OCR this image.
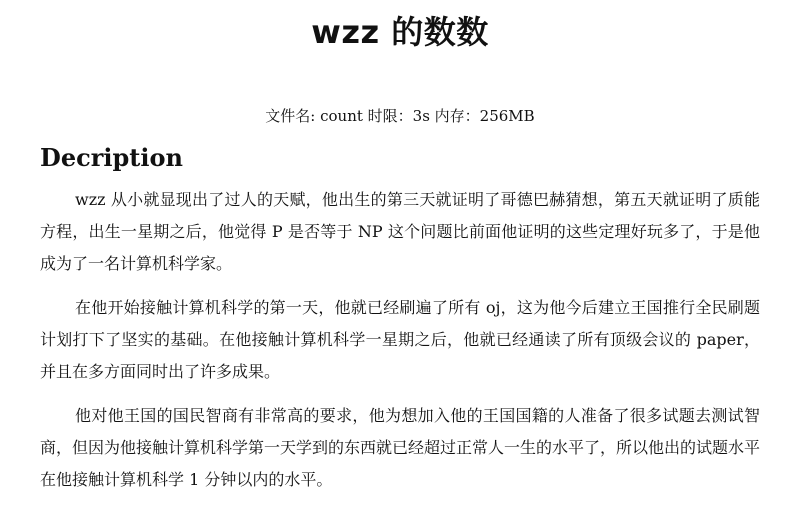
wzz 的数数
文件名: count 时限：3s 内存：256MB
Decription

wzz 从小就显现出了过人的天赋，他出生的第三天就证明了哥德巴赫猜想，第五天就证明了质能方程，出生一星期之后，他觉得 P 是否等于 NP 这个问题比前面他证明的这些定理好玩多了，于是他成为了一名计算机科学家。

在他开始接触计算机科学的第一天，他就已经刷遍了所有 oj，这为他今后建立王国推行全民刷题计划打下了坚实的基础。在他接触计算机科学一星期之后，他就已经通读了所有顶级会议的 paper，并且在多方面同时出了许多成果。

他对他王国的国民智商有非常高的要求，他为想加入他的王国国籍的人准备了很多试题去测试智商，但因为他接触计算机科学第一天学到的东西就已经超过正常人一生的水平了，所以他出的试题水平在他接触计算机科学 1 分钟以内的水平。
